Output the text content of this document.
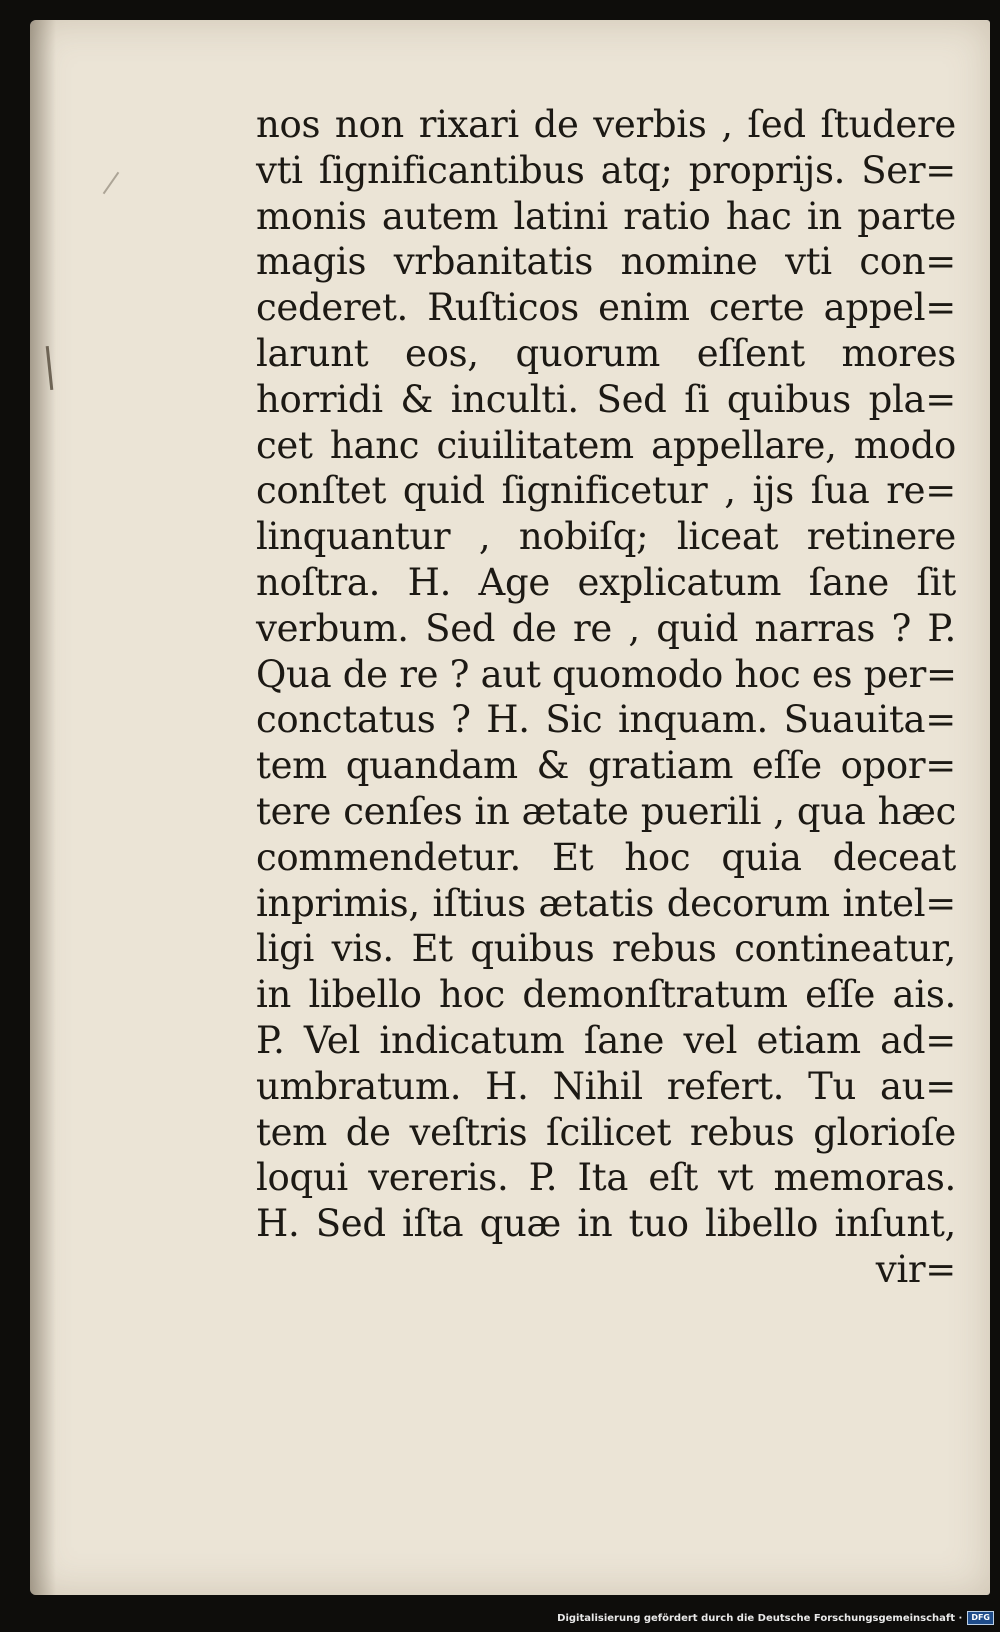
nos non rixari de verbis , ſed ſtudere
vti ſignificantibus atq; proprijs. Ser=
monis autem latini ratio hac in parte
magis vrbanitatis nomine vti con=
cederet. Ruſticos enim certe appel=
larunt eos, quorum eſſent mores
horridi & inculti. Sed ſi quibus pla=
cet hanc ciuilitatem appellare, modo
conſtet quid ſignificetur , ijs ſua re=
linquantur , nobiſq; liceat retinere
noſtra. H. Age explicatum ſane ſit
verbum. Sed de re , quid narras ? P.
Qua de re ? aut quomodo hoc es per=
conctatus ? H. Sic inquam. Suauita=
tem quandam & gratiam eſſe opor=
tere cenſes in ætate puerili , qua hæc
commendetur. Et hoc quia deceat
inprimis, iſtius ætatis decorum intel=
ligi vis. Et quibus rebus contineatur,
in libello hoc demonſtratum eſſe ais.
P. Vel indicatum ſane vel etiam ad=
umbratum. H. Nihil refert. Tu au=
tem de veſtris ſcilicet rebus glorioſe
loqui vereris. P. Ita eſt vt memoras.
H. Sed iſta quæ in tuo libello inſunt,
vir=
Digitalisierung gefördert durch die Deutsche Forschungsgemeinschaft ·	DFG
